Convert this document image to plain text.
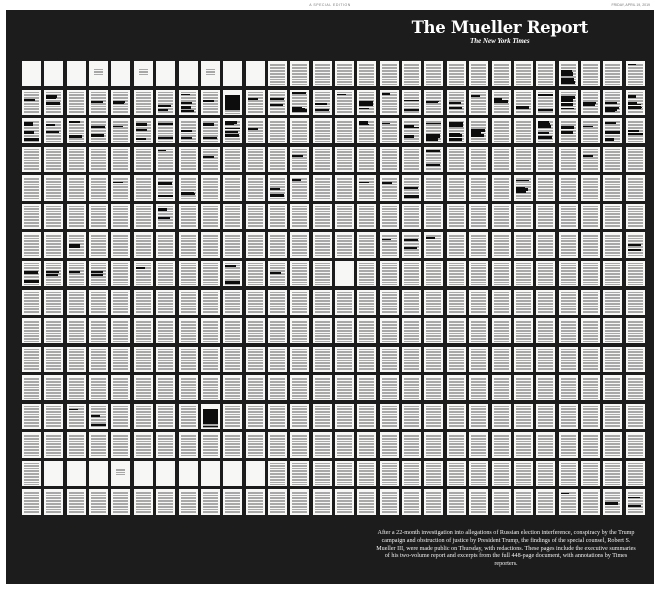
A SPECIAL EDITION	FRIDAY, APRIL 19, 2019
The Mueller Report
The New York Times
After a 22-month investigation into allegations of Russian election interference, conspiracy by the Trump campaign and obstruction of justice by President Trump, the findings of the special counsel, Robert S. Mueller III, were made public on Thursday, with redactions. These pages include the executive summaries of his two-volume report and excerpts from the full 448-page document, with annotations by Times reporters.
